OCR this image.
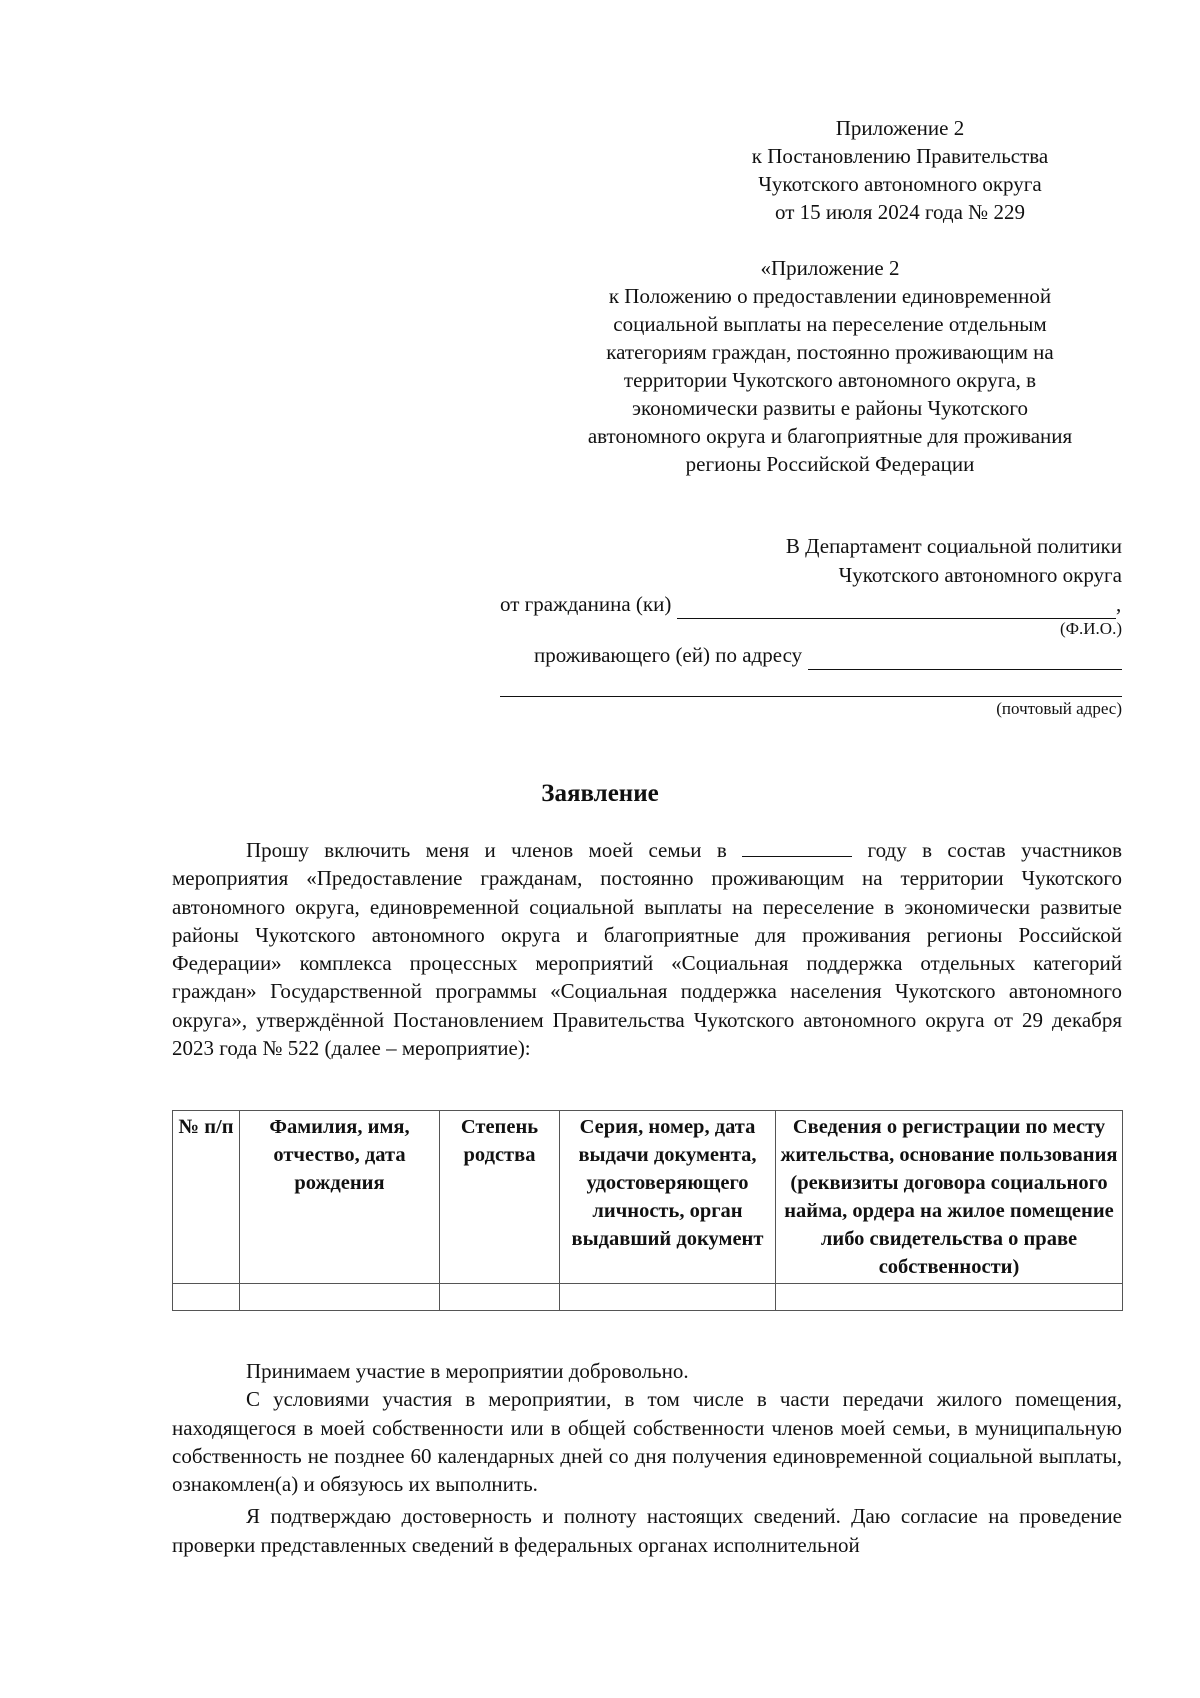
Приложение 2
к Постановлению Правительства
Чукотского автономного округа
от 15 июля 2024 года № 229
«Приложение 2
к Положению о предоставлении единовременной
социальной выплаты на переселение отдельным
категориям граждан, постоянно проживающим на
территории Чукотского автономного округа, в
экономически развиты е районы Чукотского
автономного округа и благоприятные для проживания
регионы Российской Федерации
В Департамент социальной политики
Чукотского автономного округа
от гражданина (ки)	,
(Ф.И.О.)
проживающего (ей) по адресу
(почтовый адрес)
Заявление

Прошу включить меня и членов моей семьи в	году в состав участников мероприятия «Предоставление гражданам, постоянно проживающим на территории Чукотского автономного округа, единовременной социальной выплаты на переселение в экономически развитые районы Чукотского автономного округа и благоприятные для проживания регионы Российской Федерации» комплекса процессных мероприятий «Социальная поддержка отдельных категорий граждан» Государственной программы «Социальная поддержка населения Чукотского автономного округа», утверждённой Постановлением Правительства Чукотского автономного округа от 29 декабря 2023 года № 522 (далее – мероприятие):

№ п/п	Фамилия, имя, отчество, дата рождения	Степень родства	Серия, номер, дата выдачи документа, удостоверяющего личность, орган выдавший документ	Сведения о регистрации по месту жительства, основание пользования (реквизиты договора социального найма, ордера на жилое помещение либо свидетельства о праве собственности)

Принимаем участие в мероприятии добровольно.

С условиями участия в мероприятии, в том числе в части передачи жилого помещения, находящегося в моей собственности или в общей собственности членов моей семьи, в муниципальную собственность не позднее 60 календарных дней со дня получения единовременной социальной выплаты, ознакомлен(а) и обязуюсь их выполнить.

Я подтверждаю достоверность и полноту настоящих сведений. Даю согласие на проведение проверки представленных сведений в федеральных органах исполнительной
